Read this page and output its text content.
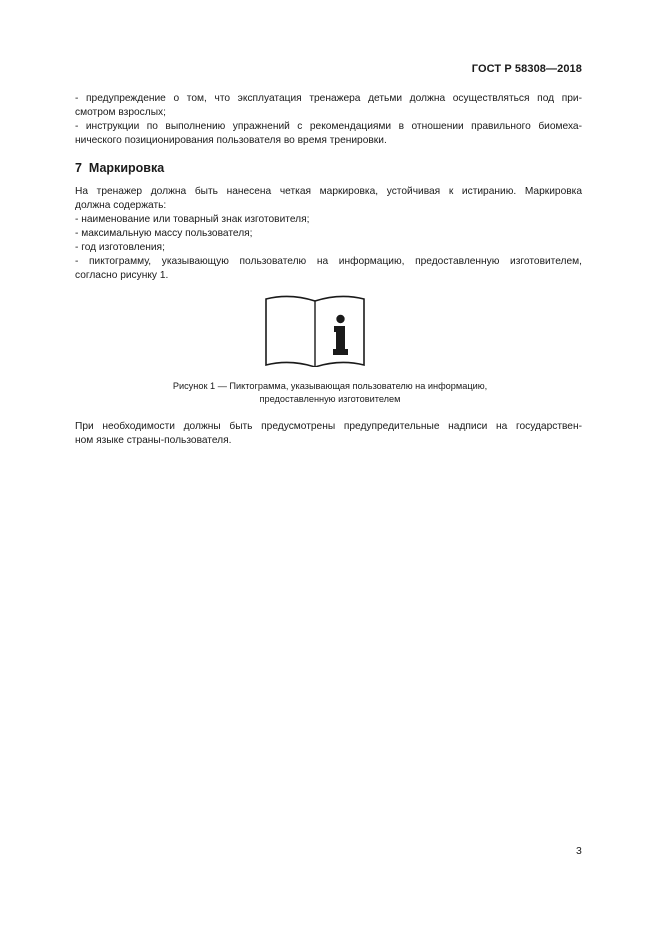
ГОСТ Р 58308—2018
- предупреждение о том, что эксплуатация тренажера детьми должна осуществляться под при-
смотром взрослых;
- инструкции по выполнению упражнений с рекомендациями в отношении правильного биомеха-
нического позиционирования пользователя во время тренировки.
7 Маркировка
На тренажер должна быть нанесена четкая маркировка, устойчивая к истиранию. Маркировка
должна содержать:
- наименование или товарный знак изготовителя;
- максимальную массу пользователя;
- год изготовления;
- пиктограмму, указывающую пользователю на информацию, предоставленную изготовителем,
согласно рисунку 1.
Рисунок 1 — Пиктограмма, указывающая пользователю на информацию,
предоставленную изготовителем
При необходимости должны быть предусмотрены предупредительные надписи на государствен-
ном языке страны-пользователя.
3
